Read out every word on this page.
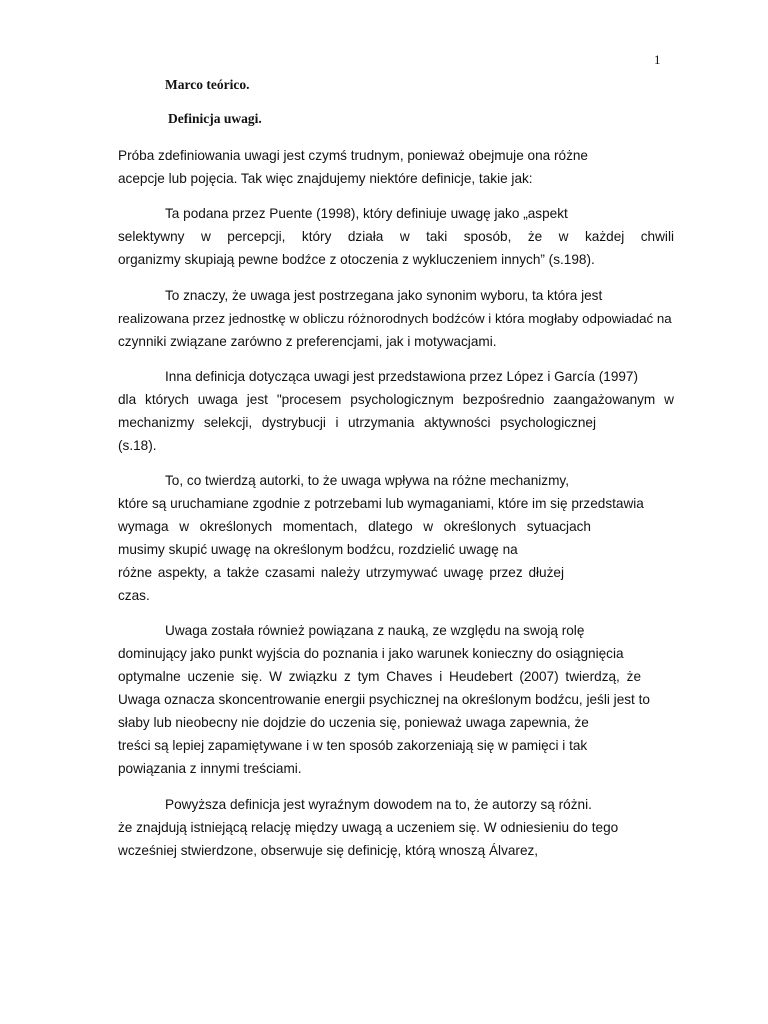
1
Marco teórico.
Definicja uwagi.
Próba zdefiniowania uwagi jest czymś trudnym, ponieważ obejmuje ona różne
acepcje lub pojęcia. Tak więc znajdujemy niektóre definicje, takie jak:
Ta podana przez Puente (1998), który definiuje uwagę jako „aspekt
selektywny w percepcji, który działa w taki sposób, że w każdej chwili
organizmy skupiają pewne bodźce z otoczenia z wykluczeniem innych” (s.198).
To znaczy, że uwaga jest postrzegana jako synonim wyboru, ta która jest
realizowana przez jednostkę w obliczu różnorodnych bodźców i która mogłaby odpowiadać na
czynniki związane zarówno z preferencjami, jak i motywacjami.
Inna definicja dotycząca uwagi jest przedstawiona przez López i García (1997)
dla których uwaga jest "procesem psychologicznym bezpośrednio zaangażowanym w
mechanizmy selekcji, dystrybucji i utrzymania aktywności psychologicznej
(s.18).
To, co twierdzą autorki, to że uwaga wpływa na różne mechanizmy,
które są uruchamiane zgodnie z potrzebami lub wymaganiami, które im się przedstawia
wymaga w określonych momentach, dlatego w określonych sytuacjach
musimy skupić uwagę na określonym bodźcu, rozdzielić uwagę na
różne aspekty, a także czasami należy utrzymywać uwagę przez dłużej
czas.
Uwaga została również powiązana z nauką, ze względu na swoją rolę
dominujący jako punkt wyjścia do poznania i jako warunek konieczny do osiągnięcia
optymalne uczenie się. W związku z tym Chaves i Heudebert (2007) twierdzą, że
Uwaga oznacza skoncentrowanie energii psychicznej na określonym bodźcu, jeśli jest to
słaby lub nieobecny nie dojdzie do uczenia się, ponieważ uwaga zapewnia, że
treści są lepiej zapamiętywane i w ten sposób zakorzeniają się w pamięci i tak
powiązania z innymi treściami.
Powyższa definicja jest wyraźnym dowodem na to, że autorzy są różni.
że znajdują istniejącą relację między uwagą a uczeniem się. W odniesieniu do tego
wcześniej stwierdzone, obserwuje się definicję, którą wnoszą Álvarez,
